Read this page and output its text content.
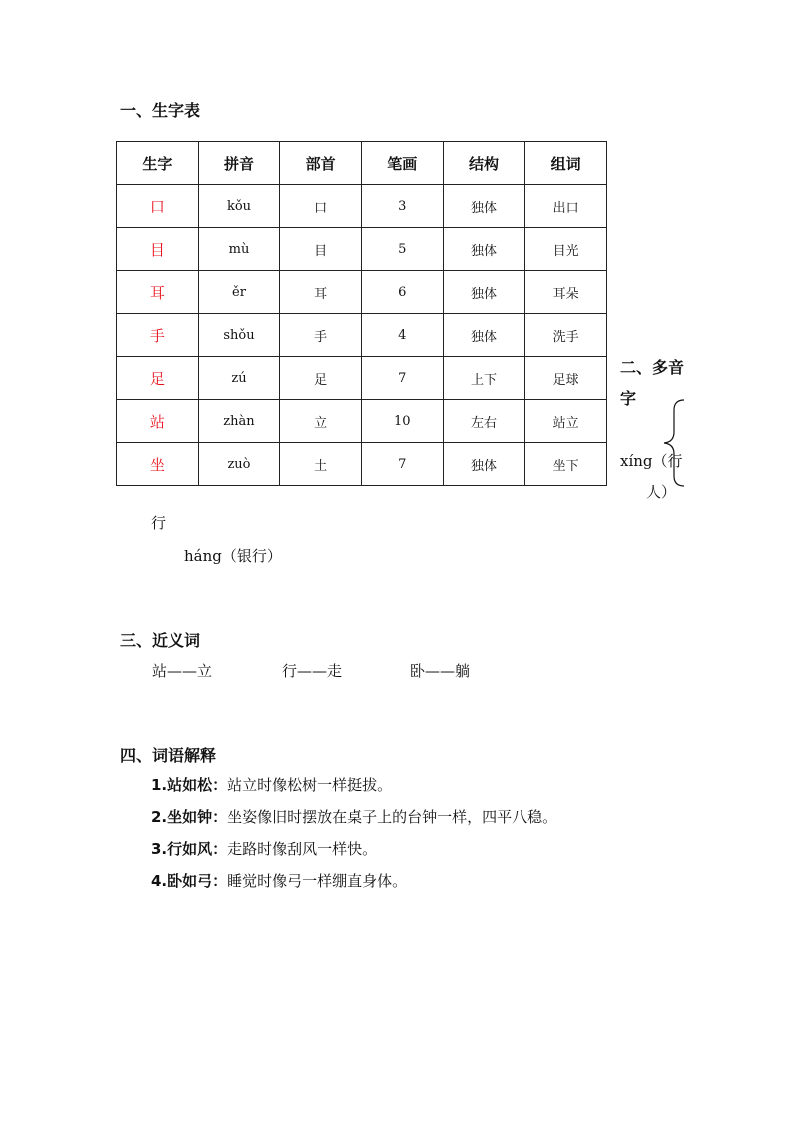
一、生字表
生字	拼音	部首	笔画	结构	组词
口	kǒu	口	3	独体	出口
目	mù	目	5	独体	目光
耳	ěr	耳	6	独体	耳朵
手	shǒu	手	4	独体	洗手
足	zú	足	7	上下	足球
站	zhàn	立	10	左右	站立
坐	zuò	土	7	独体	坐下
二、多音
字
xíng（行
人）
行
háng（银行）
三、近义词
站——立	行——走	卧——躺
四、词语解释
1.站如松：站立时像松树一样挺拔。
2.坐如钟：坐姿像旧时摆放在桌子上的台钟一样，四平八稳。
3.行如风：走路时像刮风一样快。
4.卧如弓：睡觉时像弓一样绷直身体。
